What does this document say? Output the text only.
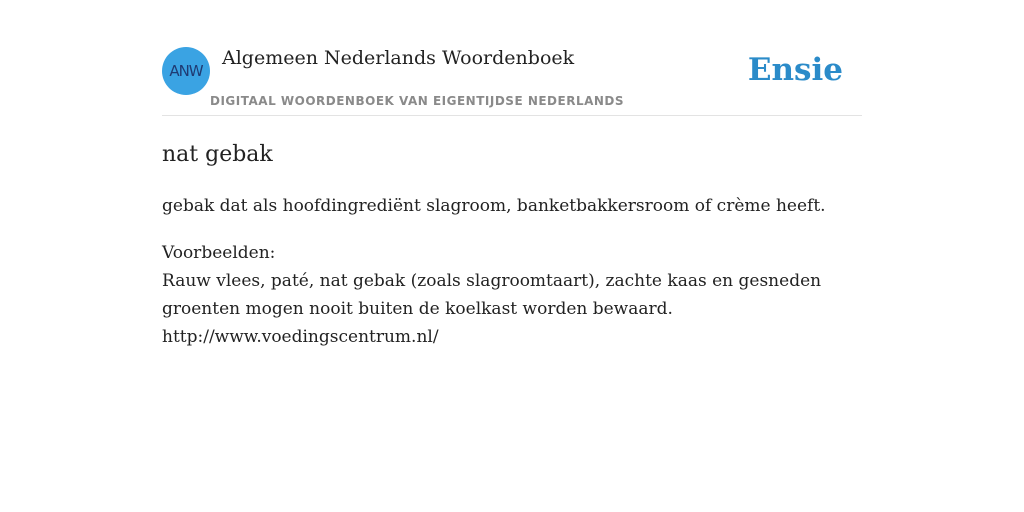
ANW
Algemeen Nederlands Woordenboek
DIGITAAL WOORDENBOEK VAN EIGENTIJDSE NEDERLANDS
Ensie
nat gebak

gebak dat als hoofdingrediënt slagroom, banketbakkersroom of crème heeft.

Voorbeelden:
Rauw vlees, paté, nat gebak (zoals slagroomtaart), zachte kaas en gesneden groenten mogen nooit buiten de koelkast worden bewaard.
http://www.voedingscentrum.nl/
